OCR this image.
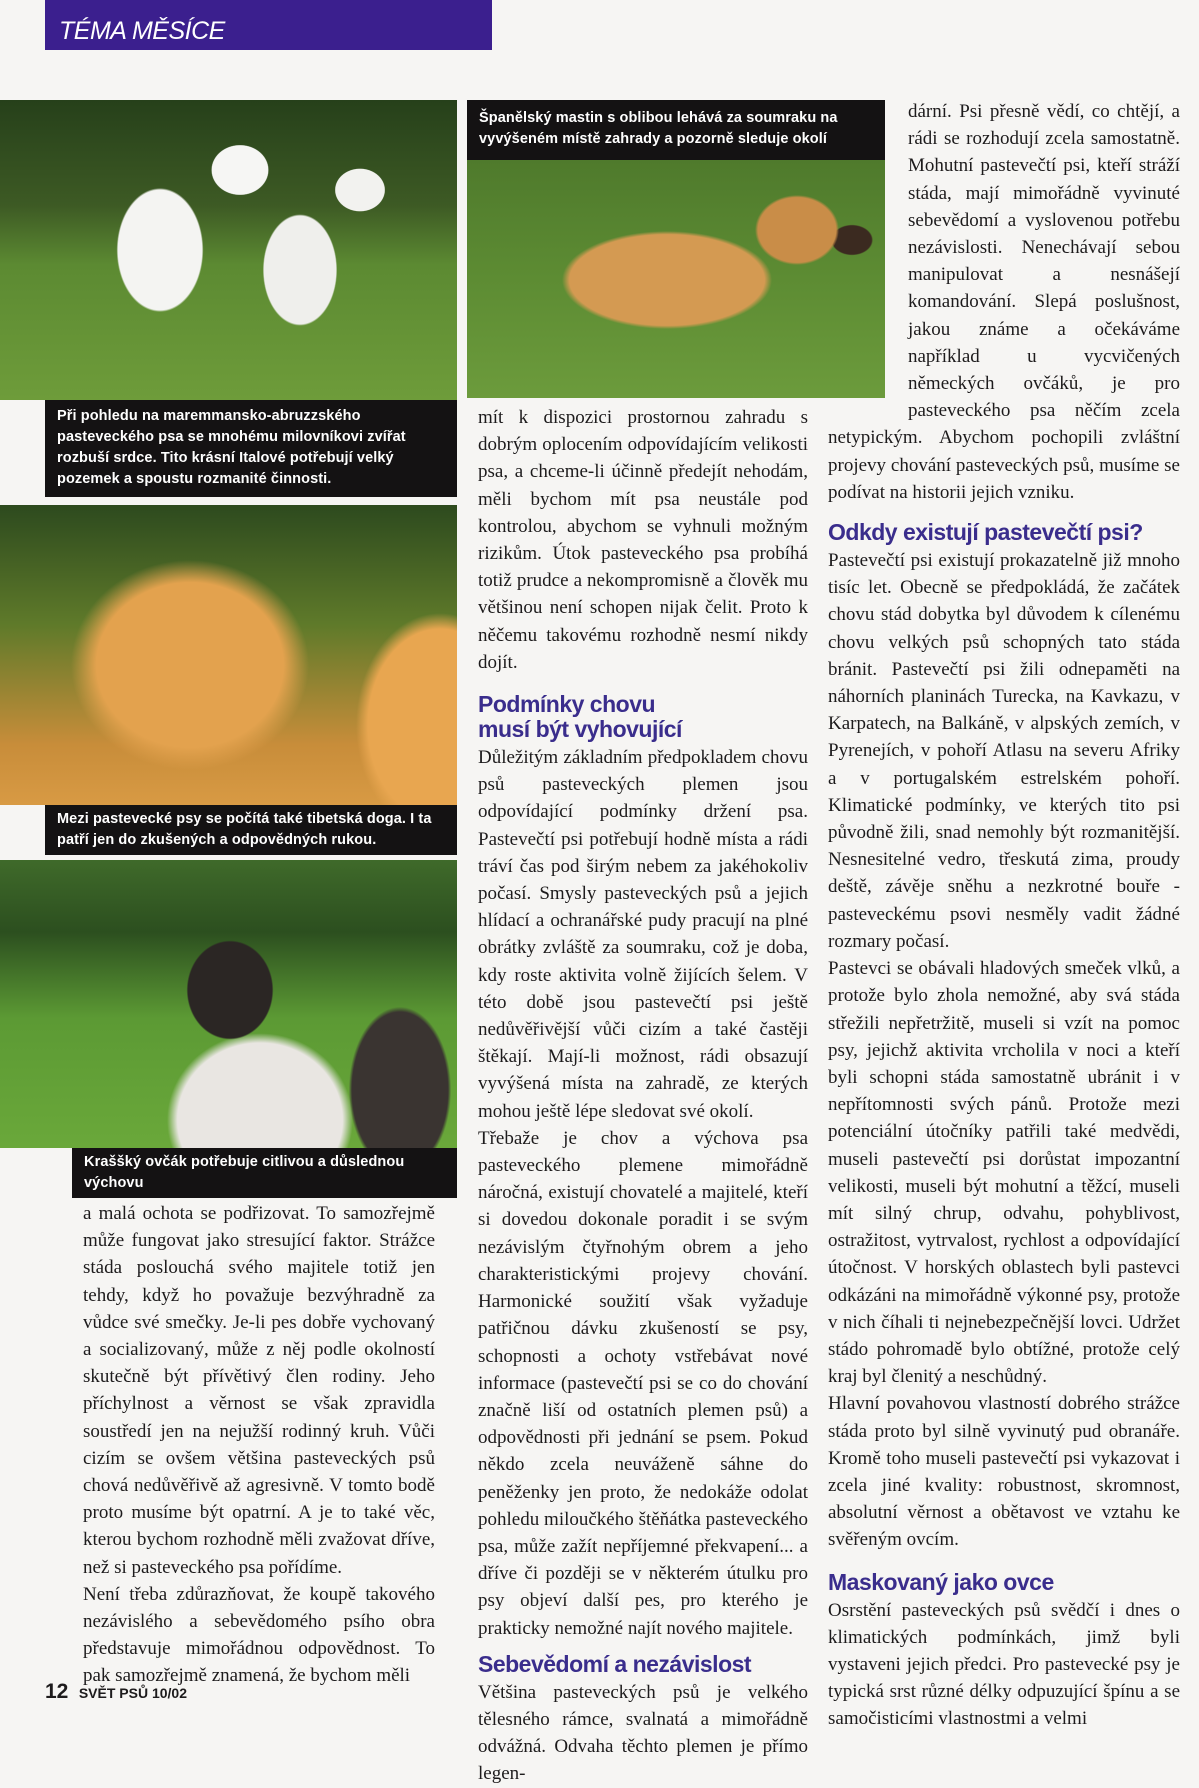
TÉMA MĚSÍCE
Při pohledu na maremmansko-abruzzského pasteveckého psa se mnohému milovníkovi zvířat rozbuší srdce. Tito krásní Italové potřebují velký pozemek a spoustu rozmanité činnosti.
Mezi pastevecké psy se počítá také tibetská doga. I ta patří jen do zkušených a odpovědných rukou.
Kraššký ovčák potřebuje citlivou a důslednou výchovu
Španělský mastin s oblibou lehává za soumraku na vyvýšeném místě zahrady a pozorně sleduje okolí

a malá ochota se podřizovat. To samozřejmě může fungovat jako stresující faktor. Strážce stáda poslouchá svého majitele totiž jen tehdy, když ho považuje bezvýhradně za vůdce své smečky. Je-li pes dobře vychovaný a socializovaný, může z něj podle okolností skutečně být přívětivý člen rodiny. Jeho příchylnost a věrnost se však zpravidla soustředí jen na nejužší rodinný kruh. Vůči cizím se ovšem většina pasteveckých psů chová nedůvěřivě až agresivně. V tomto bodě proto musíme být opatrní. A je to také věc, kterou bychom rozhodně měli zvažovat dříve, než si pasteveckého psa pořídíme.

Není třeba zdůrazňovat, že koupě takového nezávislého a sebevědomého psího obra představuje mimořádnou odpovědnost. To pak samozřejmě znamená, že bychom měli

mít k dispozici prostornou zahradu s dobrým oplocením odpovídajícím velikosti psa, a chceme-li účinně předejít nehodám, měli bychom mít psa neustále pod kontrolou, abychom se vyhnuli možným rizikům. Útok pasteveckého psa probíhá totiž prudce a nekompromisně a člověk mu většinou není schopen nijak čelit. Proto k něčemu takovému rozhodně nesmí nikdy dojít.

Podmínky chovu musí být vyhovující

Důležitým základním předpokladem chovu psů pasteveckých plemen jsou odpovídající podmínky držení psa. Pastevečtí psi potřebují hodně místa a rádi tráví čas pod širým nebem za jakéhokoliv počasí. Smysly pasteveckých psů a jejich hlídací a ochranářské pudy pracují na plné obrátky zvláště za soumraku, což je doba, kdy roste aktivita volně žijících šelem. V této době jsou pastevečtí psi ještě nedůvěřivější vůči cizím a také častěji štěkají. Mají-li možnost, rádi obsazují vyvýšená místa na zahradě, ze kterých mohou ještě lépe sledovat své okolí.

Třebaže je chov a výchova psa pasteveckého plemene mimořádně náročná, existují chovatelé a majitelé, kteří si dovedou dokonale poradit i se svým nezávislým čtyřnohým obrem a jeho charakteristickými projevy chování. Harmonické soužití však vyžaduje patřičnou dávku zkušeností se psy, schopnosti a ochoty vstřebávat nové informace (pastevečtí psi se co do chování značně liší od ostatních plemen psů) a odpovědnosti při jednání se psem. Pokud někdo zcela neuváženě sáhne do peněženky jen proto, že nedokáže odolat pohledu miloučkého štěňátka pasteveckého psa, může zažít nepříjemné překvapení... a dříve či později se v některém útulku pro psy objeví další pes, pro kterého je prakticky nemožné najít nového majitele.

Sebevědomí a nezávislost

Většina pasteveckých psů je velkého tělesného rámce, svalnatá a mimořádně odvážná. Odvaha těchto plemen je přímo legen-

dární. Psi přesně vědí, co chtějí, a rádi se rozhodují zcela samostatně. Mohutní pastevečtí psi, kteří stráží stáda, mají mimořádně vyvinuté sebevědomí a vyslovenou potřebu nezávislosti. Nenechávají sebou manipulovat a nesnášejí komandování. Slepá poslušnost, jakou známe a očekáváme například u vycvičených německých ovčáků, je pro pasteveckého psa něčím zcela netypickým. Abychom pochopili zvláštní projevy chování pasteveckých psů, musíme se podívat na historii jejich vzniku.

Odkdy existují pastevečtí psi?

Pastevečtí psi existují prokazatelně již mnoho tisíc let. Obecně se předpokládá, že začátek chovu stád dobytka byl důvodem k cílenému chovu velkých psů schopných tato stáda bránit. Pastevečtí psi žili odnepaměti na náhorních planinách Turecka, na Kavkazu, v Karpatech, na Balkáně, v alpských zemích, v Pyrenejích, v pohoří Atlasu na severu Afriky a v portugalském estrelském pohoří. Klimatické podmínky, ve kterých tito psi původně žili, snad nemohly být rozmanitější. Nesnesitelné vedro, třeskutá zima, proudy deště, závěje sněhu a nezkrotné bouře - pasteveckému psovi nesměly vadit žádné rozmary počasí.

Pastevci se obávali hladových smeček vlků, a protože bylo zhola nemožné, aby svá stáda střežili nepřetržitě, museli si vzít na pomoc psy, jejichž aktivita vrcholila v noci a kteří byli schopni stáda samostatně ubránit i v nepřítomnosti svých pánů. Protože mezi potenciální útočníky patřili také medvědi, museli pastevečtí psi dorůstat impozantní velikosti, museli být mohutní a těžcí, museli mít silný chrup, odvahu, pohyblivost, ostražitost, vytrvalost, rychlost a odpovídající útočnost. V horských oblastech byli pastevci odkázáni na mimořádně výkonné psy, protože v nich číhali ti nejnebezpečnější lovci. Udržet stádo pohromadě bylo obtížné, protože celý kraj byl členitý a neschůdný.

Hlavní povahovou vlastností dobrého strážce stáda proto byl silně vyvinutý pud obranáře. Kromě toho museli pastevečtí psi vykazovat i zcela jiné kvality: robustnost, skromnost, absolutní věrnost a obětavost ve vztahu ke svěřeným ovcím.

Maskovaný jako ovce

Osrstění pasteveckých psů svědčí i dnes o klimatických podmínkách, jimž byli vystaveni jejich předci. Pro pastevecké psy je typická srst různé délky odpuzující špínu a se samočisticími vlastnostmi a velmi

12 SVĚT PSŮ 10/02
